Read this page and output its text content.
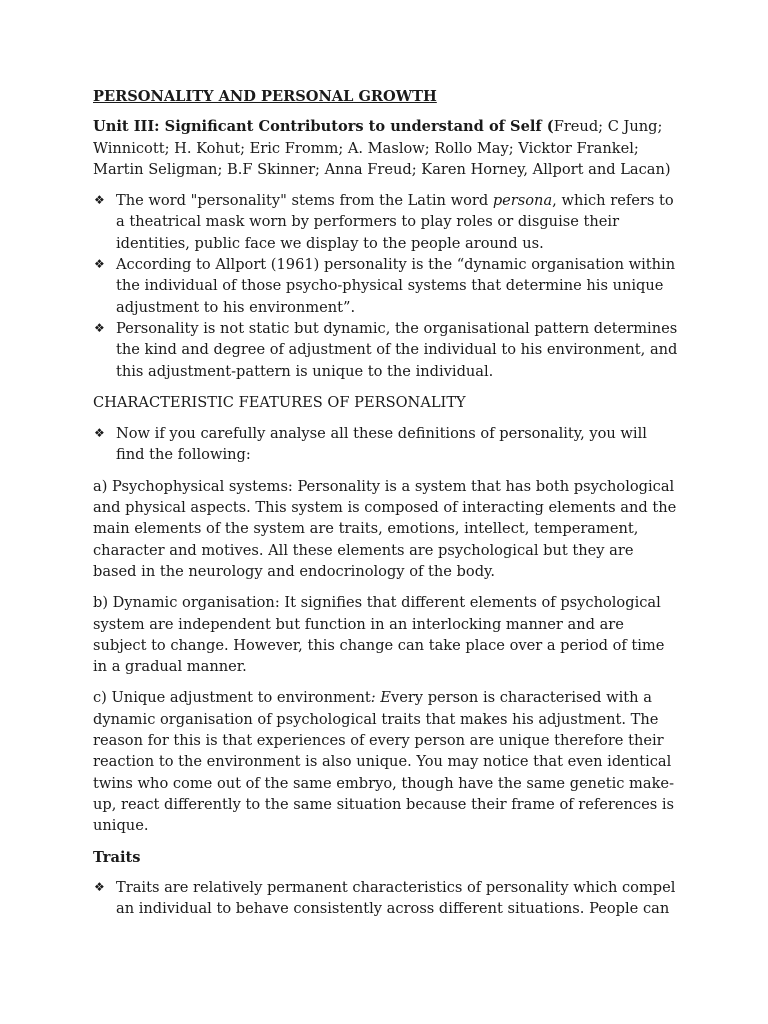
PERSONALITY AND PERSONAL GROWTH

Unit III: Significant Contributors to understand of Self (Freud; C Jung; Winnicott; H. Kohut; Eric Fromm; A. Maslow; Rollo May; Vicktor Frankel; Martin Seligman; B.F Skinner; Anna Freud; Karen Horney, Allport and Lacan)

❖ The word "personality" stems from the Latin word persona, which refers to a theatrical mask worn by performers to play roles or disguise their identities, public face we display to the people around us.
❖ According to Allport (1961) personality is the “dynamic organisation within the individual of those psycho-physical systems that determine his unique adjustment to his environment”.
❖ Personality is not static but dynamic, the organisational pattern determines the kind and degree of adjustment of the individual to his environment, and this adjustment-pattern is unique to the individual.

CHARACTERISTIC FEATURES OF PERSONALITY

❖ Now if you carefully analyse all these definitions of personality, you will find the following:

a) Psychophysical systems: Personality is a system that has both psychological and physical aspects. This system is composed of interacting elements and the main elements of the system are traits, emotions, intellect, temperament, character and motives. All these elements are psychological but they are based in the neurology and endocrinology of the body.

b) Dynamic organisation: It signifies that different elements of psychological system are independent but function in an interlocking manner and are subject to change. However, this change can take place over a period of time in a gradual manner.

c) Unique adjustment to environment: Every person is characterised with a dynamic organisation of psychological traits that makes his adjustment. The reason for this is that experiences of every person are unique therefore their reaction to the environment is also unique. You may notice that even identical twins who come out of the same embryo, though have the same genetic make-up, react differently to the same situation because their frame of references is unique.

Traits
❖ Traits are relatively permanent characteristics of personality which compel an individual to behave consistently across different situations. People can
